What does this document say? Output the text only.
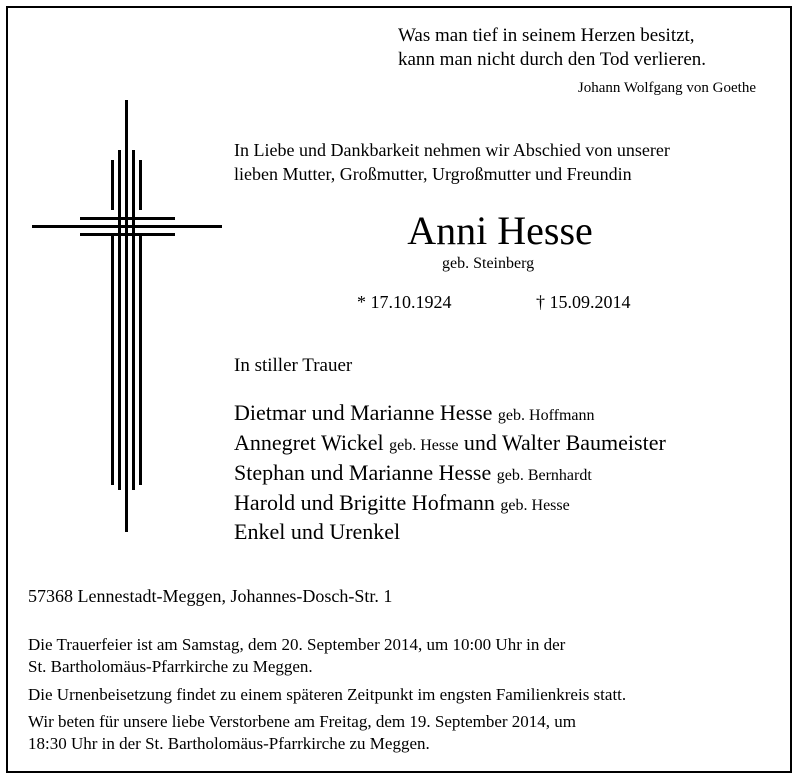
Was man tief in seinem Herzen besitzt,
kann man nicht durch den Tod verlieren.
Johann Wolfgang von Goethe
In Liebe und Dankbarkeit nehmen wir Abschied von unserer
lieben Mutter, Großmutter, Urgroßmutter und Freundin
Anni Hesse
geb. Steinberg
* 17.10.1924	† 15.09.2014
In stiller Trauer
Dietmar und Marianne Hesse geb. Hoffmann
Annegret Wickel geb. Hesse und Walter Baumeister
Stephan und Marianne Hesse geb. Bernhardt
Harold und Brigitte Hofmann geb. Hesse
Enkel und Urenkel
57368 Lennestadt-Meggen, Johannes-Dosch-Str. 1
Die Trauerfeier ist am Samstag, dem 20. September 2014, um 10:00 Uhr in der
St. Bartholomäus-Pfarrkirche zu Meggen.
Die Urnenbeisetzung findet zu einem späteren Zeitpunkt im engsten Familienkreis statt.
Wir beten für unsere liebe Verstorbene am Freitag, dem 19. September 2014, um
18:30 Uhr in der St. Bartholomäus-Pfarrkirche zu Meggen.
